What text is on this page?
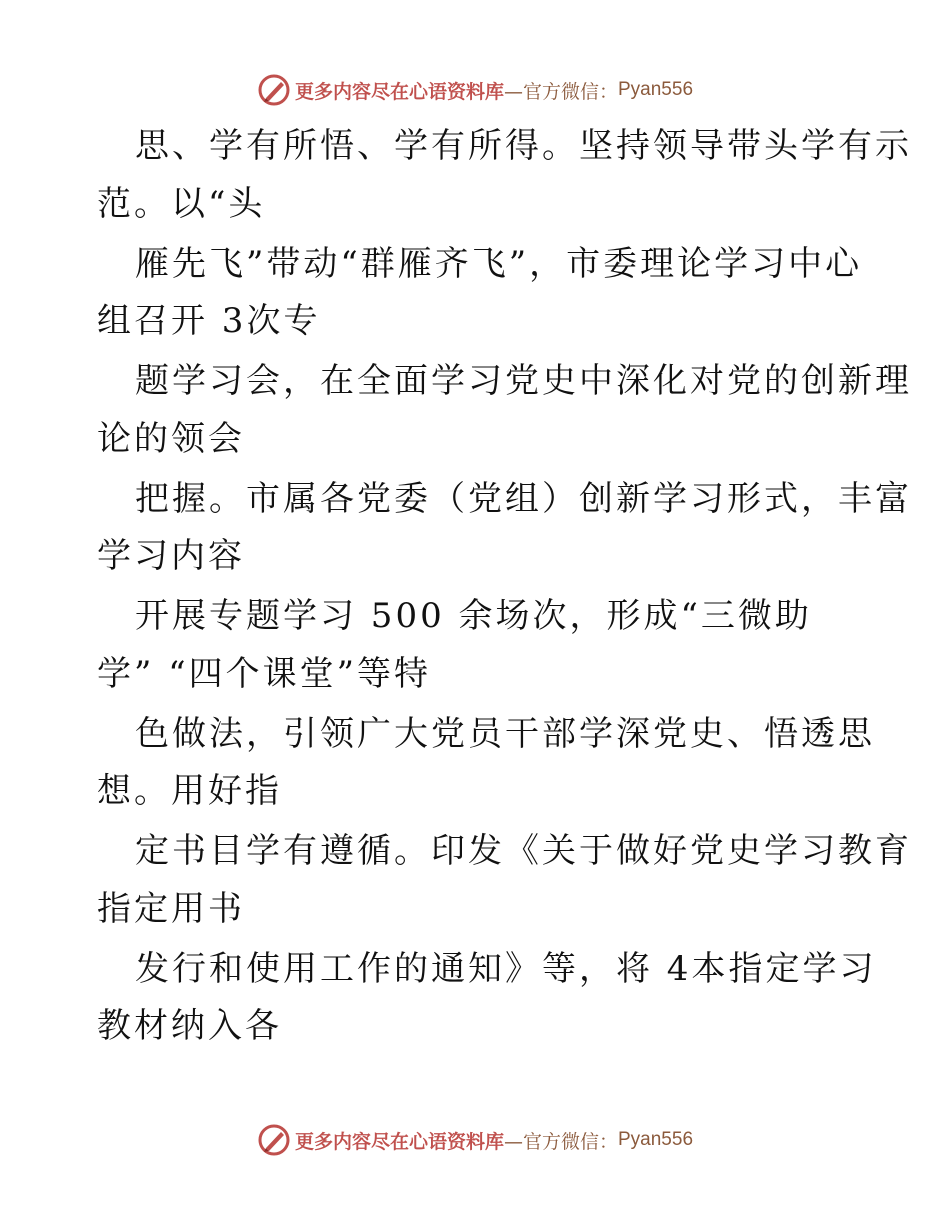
更多内容尽在心语资料库 —官方微信： Pyan556
思、学有所悟、学有所得。坚持领导带头学有示
范。以“头
雁先飞”带动“群雁齐飞”，市委理论学习中心
组召开 3次专
题学习会，在全面学习党史中深化对党的创新理
论的领会
把握。市属各党委（党组）创新学习形式，丰富
学习内容
开展专题学习 500 余场次，形成“三微助
学” “四个课堂”等特
色做法，引领广大党员干部学深党史、悟透思
想。用好指
定书目学有遵循。印发《关于做好党史学习教育
指定用书
发行和使用工作的通知》等，将 4本指定学习
教材纳入各
更多内容尽在心语资料库 —官方微信： Pyan556
